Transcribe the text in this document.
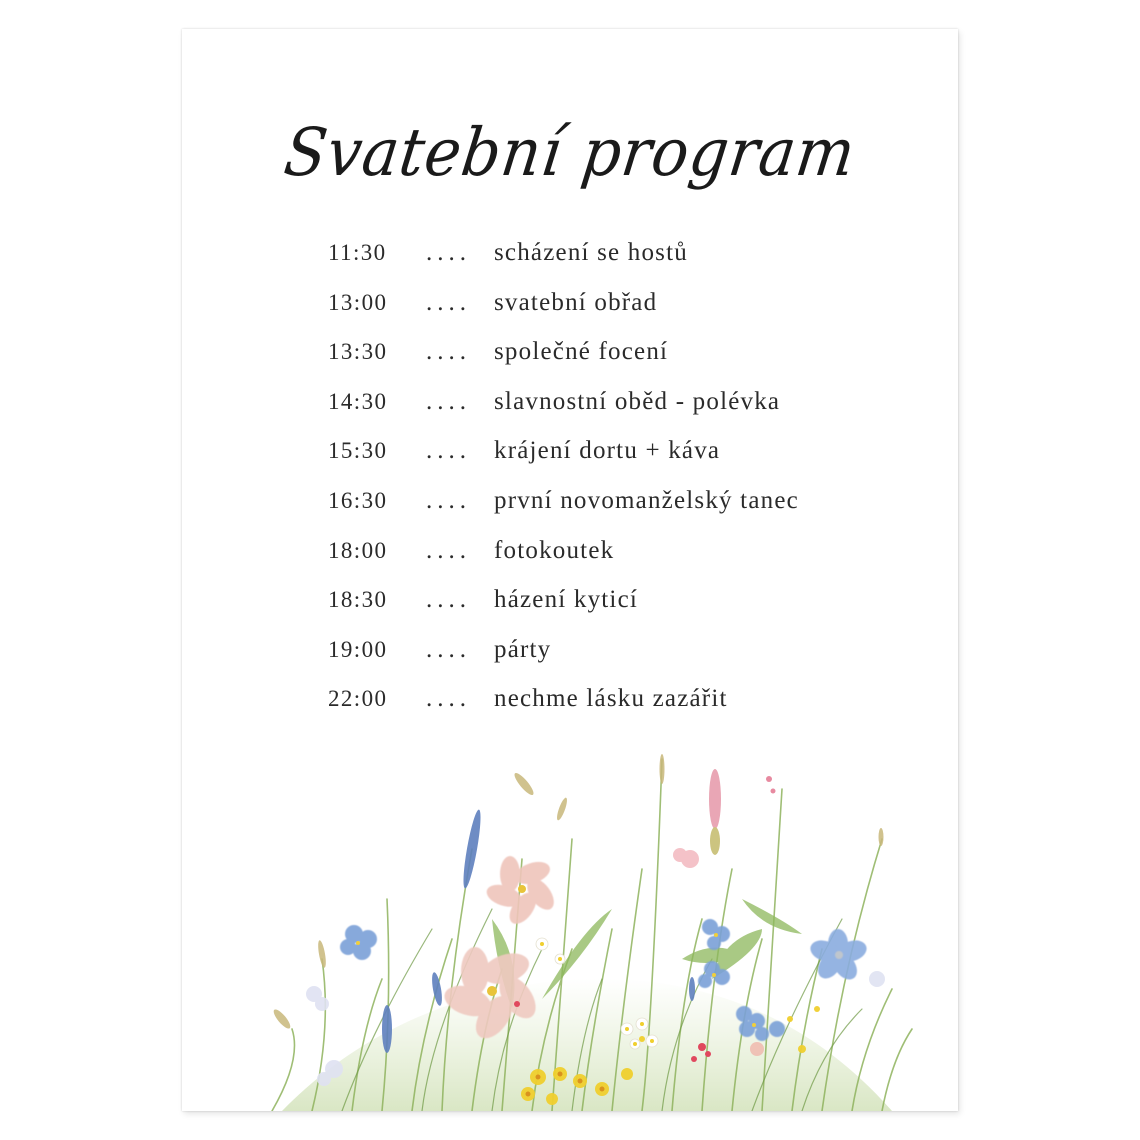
Svatební program
11:30	.... scházení se hostů
13:00	.... svatební obřad
13:30	.... společné focení
14:30	.... slavnostní oběd - polévka
15:30	.... krájení dortu + káva
16:30	.... první novomanželský tanec
18:00	.... fotokoutek
18:30	.... házení kyticí
19:00	.... párty
22:00	.... nechme lásku zazářit
